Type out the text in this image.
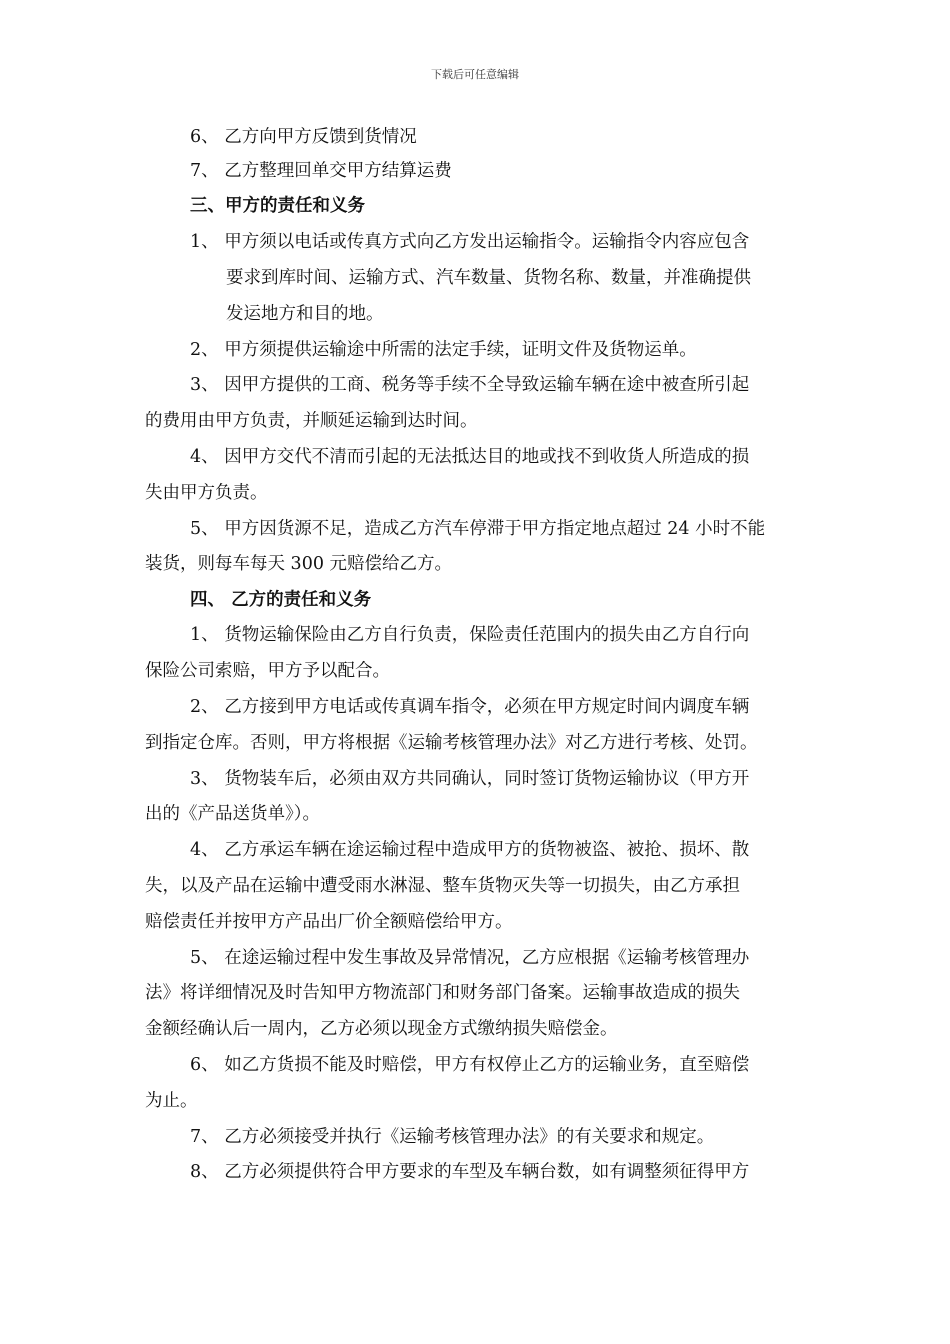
下载后可任意编辑
6、 乙方向甲方反馈到货情况
7、 乙方整理回单交甲方结算运费
三、甲方的责任和义务
1、 甲方须以电话或传真方式向乙方发出运输指令。运输指令内容应包含
要求到库时间、运输方式、汽车数量、货物名称、数量，并准确提供
发运地方和目的地。
2、 甲方须提供运输途中所需的法定手续，证明文件及货物运单。
3、 因甲方提供的工商、税务等手续不全导致运输车辆在途中被查所引起
的费用由甲方负责，并顺延运输到达时间。
4、 因甲方交代不清而引起的无法抵达目的地或找不到收货人所造成的损
失由甲方负责。
5、 甲方因货源不足，造成乙方汽车停滞于甲方指定地点超过 24 小时不能
装货，则每车每天 300 元赔偿给乙方。
四、 乙方的责任和义务
1、 货物运输保险由乙方自行负责，保险责任范围内的损失由乙方自行向
保险公司索赔，甲方予以配合。
2、 乙方接到甲方电话或传真调车指令，必须在甲方规定时间内调度车辆
到指定仓库。否则，甲方将根据《运输考核管理办法》对乙方进行考核、处罚。
3、 货物装车后，必须由双方共同确认，同时签订货物运输协议（甲方开
出的《产品送货单》）。
4、 乙方承运车辆在途运输过程中造成甲方的货物被盗、被抢、损坏、散
失，以及产品在运输中遭受雨水淋湿、整车货物灭失等一切损失，由乙方承担
赔偿责任并按甲方产品出厂价全额赔偿给甲方。
5、 在途运输过程中发生事故及异常情况，乙方应根据《运输考核管理办
法》将详细情况及时告知甲方物流部门和财务部门备案。运输事故造成的损失
金额经确认后一周内，乙方必须以现金方式缴纳损失赔偿金。
6、 如乙方货损不能及时赔偿，甲方有权停止乙方的运输业务，直至赔偿
为止。
7、 乙方必须接受并执行《运输考核管理办法》的有关要求和规定。
8、 乙方必须提供符合甲方要求的车型及车辆台数，如有调整须征得甲方
